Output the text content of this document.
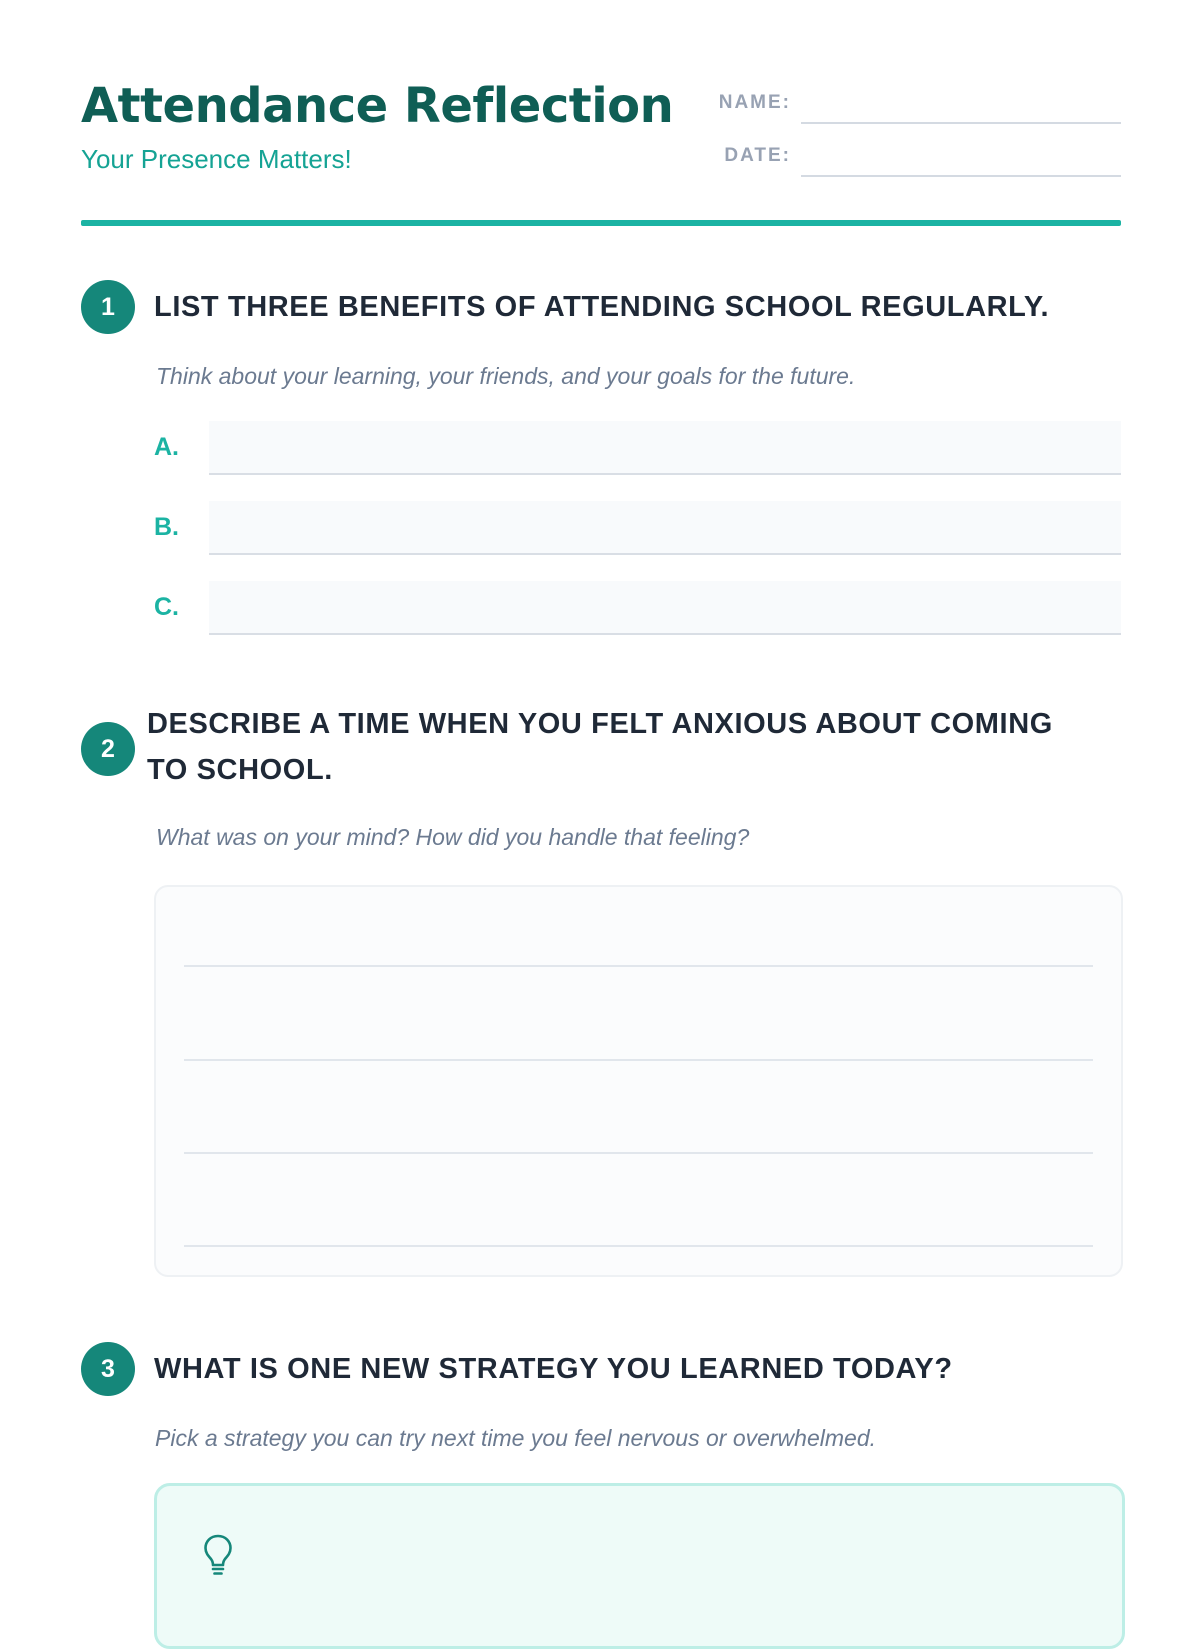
Attendance Reflection
Your Presence Matters!
NAME:
DATE:
1	LIST THREE BENEFITS OF ATTENDING SCHOOL REGULARLY.
Think about your learning, your friends, and your goals for the future.
A.
B.
C.
2
DESCRIBE A TIME WHEN YOU FELT ANXIOUS ABOUT COMING TO SCHOOL.
What was on your mind? How did you handle that feeling?
3	WHAT IS ONE NEW STRATEGY YOU LEARNED TODAY?
Pick a strategy you can try next time you feel nervous or overwhelmed.
